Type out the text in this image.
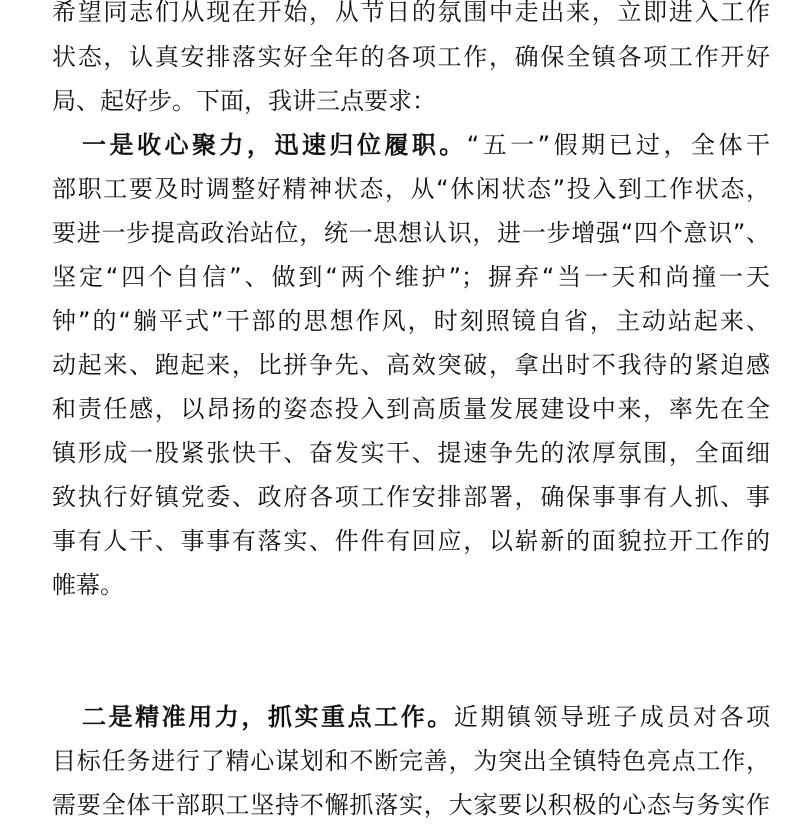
希望同志们从现在开始，从节日的氛围中走出来，立即进入工作
状态，认真安排落实好全年的各项工作，确保全镇各项工作开好
局、起好步。下面，我讲三点要求：
一是收心聚力，迅速归位履职。“五一”假期已过，全体干
部职工要及时调整好精神状态，从“休闲状态”投入到工作状态，
要进一步提高政治站位，统一思想认识，进一步增强“四个意识”、
坚定“四个自信”、做到“两个维护”；摒弃“当一天和尚撞一天
钟”的“躺平式”干部的思想作风，时刻照镜自省，主动站起来、
动起来、跑起来，比拼争先、高效突破，拿出时不我待的紧迫感
和责任感，以昂扬的姿态投入到高质量发展建设中来，率先在全
镇形成一股紧张快干、奋发实干、提速争先的浓厚氛围，全面细
致执行好镇党委、政府各项工作安排部署，确保事事有人抓、事
事有人干、事事有落实、件件有回应，以崭新的面貌拉开工作的
帷幕。
二是精准用力，抓实重点工作。近期镇领导班子成员对各项
目标任务进行了精心谋划和不断完善，为突出全镇特色亮点工作，
需要全体干部职工坚持不懈抓落实，大家要以积极的心态与务实作
